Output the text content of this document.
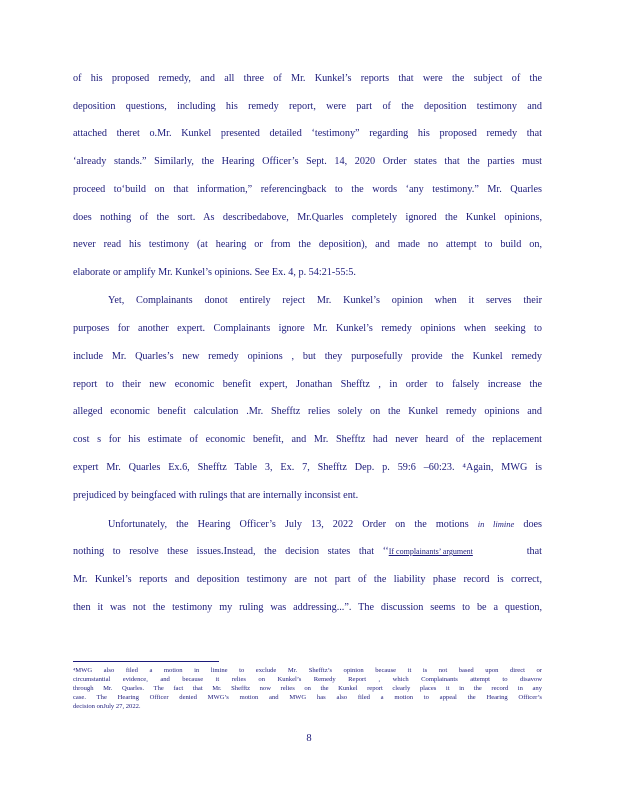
of his proposed remedy, and all three of Mr. Kunkel’s reports that were the subject of the
deposition questions, including his remedy report, were part of the deposition testimony and
attached theret o.Mr. Kunkel presented detailed ‘testimony” regarding his proposed remedy that
‘already stands.” Similarly, the Hearing Officer’s Sept. 14, 2020 Order states that the parties must
proceed to‘build on that information,” referencingback to the words ‘any testimony.” Mr. Quarles
does nothing of the sort. As describedabove, Mr.Quarles completely ignored the Kunkel opinions,
never read his testimony (at hearing or from the deposition), and made no attempt to build on,
elaborate or amplify Mr. Kunkel’s opinions. See Ex. 4, p. 54:21-55:5.
Yet, Complainants donot entirely reject Mr. Kunkel’s opinion when it serves their
purposes for another expert. Complainants ignore Mr. Kunkel’s remedy opinions when seeking to
include Mr. Quarles’s new remedy opinions , but they purposefully provide the Kunkel remedy
report to their new economic benefit expert, Jonathan Shefftz , in order to falsely increase the
alleged economic benefit calculation .Mr. Shefftz relies solely on the Kunkel remedy opinions and
cost s for his estimate of economic benefit, and Mr. Shefftz had never heard of the replacement
expert Mr. Quarles Ex.6, Shefftz Table 3, Ex. 7, Shefftz Dep. p. 59:6 –60:23. ⁴Again, MWG is
prejudiced by beingfaced with rulings that are internally inconsist ent.
Unfortunately, the Hearing Officer’s July 13, 2022 Order on the motions in limine does
nothing to resolve these issues.Instead, the decision states that ‘‘If complainants’ argument	that
Mr. Kunkel’s reports and deposition testimony are not part of the liability phase record is correct,
then it was not the testimony my ruling was addressing...”. The discussion seems to be a question,
⁴MWG also filed a motion in limine to exclude Mr. Shefftz’s opinion because it is not based upon direct or
circumstantial evidence, and because it relies on Kunkel’s Remedy Report , which Complainants attempt to disavow
through Mr. Quarles. The fact that Mr. Shefftz now relies on the Kunkel report clearly places it in the record in any
case. The Hearing Officer denied MWG’s motion and MWG has also filed a motion to appeal the Hearing Officer’s
decision onJuly 27, 2022.
8
